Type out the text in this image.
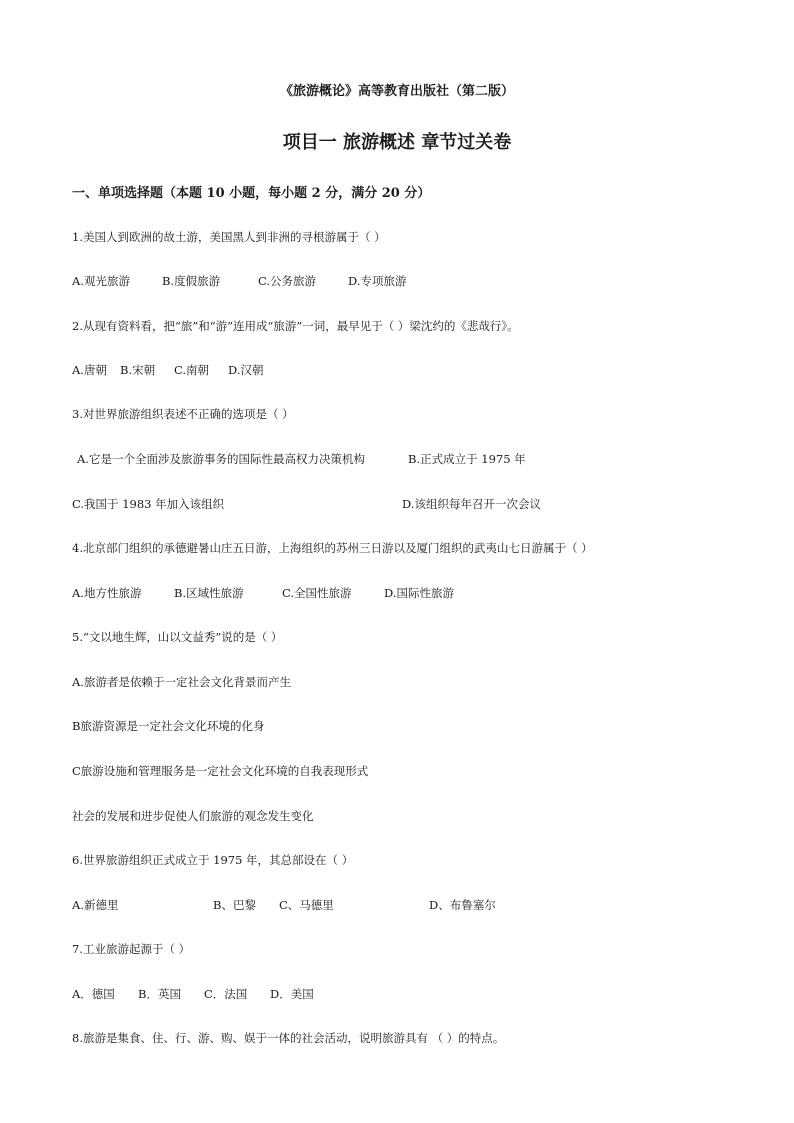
《旅游概论》高等教育出版社（第二版）
项目一 旅游概述 章节过关卷
一、单项选择题（本题 10 小题，每小题 2 分，满分 20 分）
1.美国人到欧洲的故土游，美国黑人到非洲的寻根游属于（ ）
A.观光旅游	B.度假旅游	C.公务旅游	D.专项旅游
2.从现有资料看，把“旅”和“游”连用成“旅游”一词，最早见于（ ）梁沈约的《悲哉行》。
A.唐朝 B.宋朝 C.南朝 D.汉朝
3.对世界旅游组织表述不正确的选项是（ ）
A.它是一个全面涉及旅游事务的国际性最高权力决策机构	B.正式成立于 1975 年
C.我国于 1983 年加入该组织	D.该组织每年召开一次会议
4.北京部门组织的承德避暑山庄五日游，上海组织的苏州三日游以及厦门组织的武夷山七日游属于（ ）
A.地方性旅游	B.区域性旅游	C.全国性旅游	D.国际性旅游
5.“文以地生辉，山以文益秀”说的是（ ）
A.旅游者是依赖于一定社会文化背景而产生
B旅游资源是一定社会文化环境的化身
C旅游设施和管理服务是一定社会文化环境的自我表现形式
社会的发展和进步促使人们旅游的观念发生变化
6.世界旅游组织正式成立于 1975 年，其总部设在（ ）
A.新德里	B、巴黎 C、马德里	D、布鲁塞尔
7.工业旅游起源于（ ）
A．德国 B．英国 C．法国 D．美国
8.旅游是集食、住、行、游、购、娱于一体的社会活动，说明旅游具有 （ ）的特点。
